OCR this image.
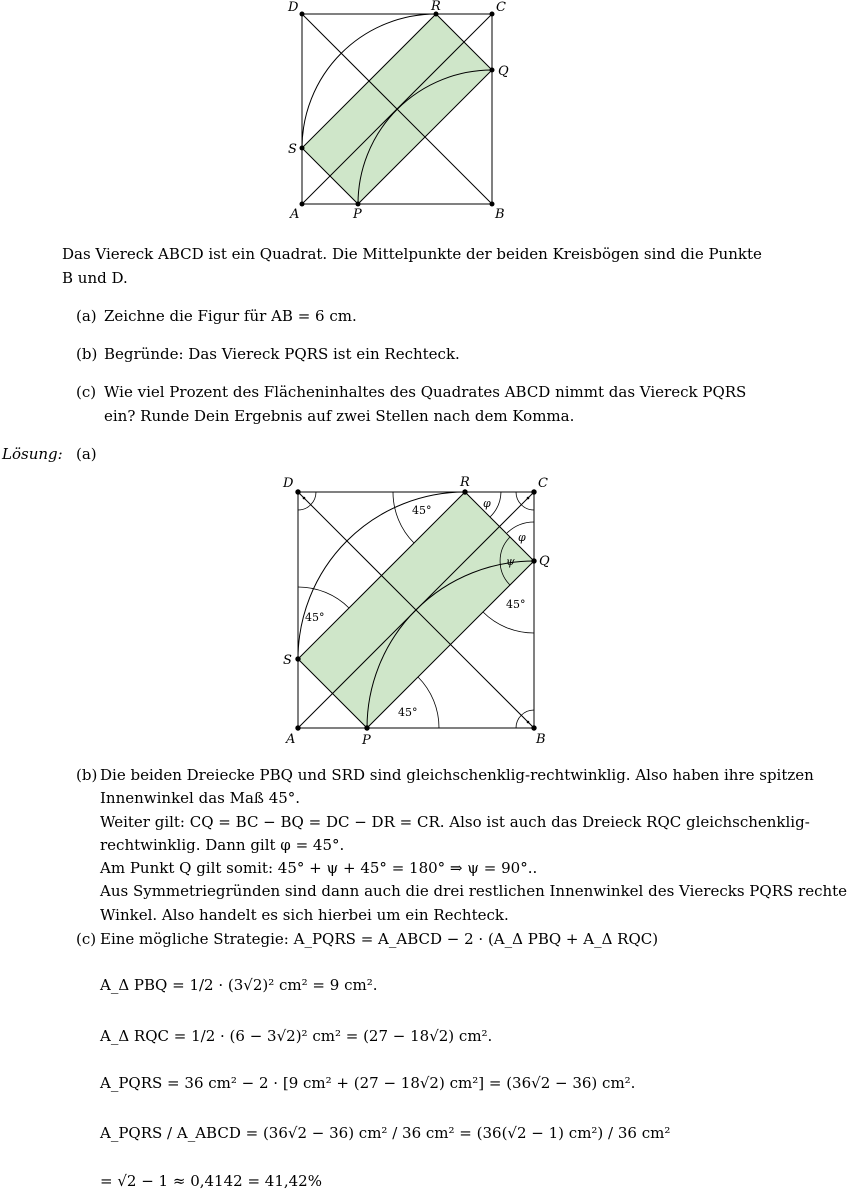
A	B
C
D
P
Q
R
S
Das Viereck ABCD ist ein Quadrat. Die Mittelpunkte der beiden Kreisbögen sind die Punkte
B und D.
(a) Zeichne die Figur für AB = 6 cm.
(b) Begründe: Das Viereck PQRS ist ein Rechteck.
(c) Wie viel Prozent des Flächeninhaltes des Quadrates ABCD nimmt das Viereck PQRS
ein? Runde Dein Ergebnis auf zwei Stellen nach dem Komma.
Lösung: (a)
A	B
C
D
P
Q
R
S
45°
45°
45°
45°
φ
φ
ψ
(b) Die beiden Dreiecke PBQ und SRD sind gleichschenklig-rechtwinklig. Also haben ihre spitzen
Innenwinkel das Maß 45°.
Weiter gilt: CQ = BC − BQ = DC − DR = CR. Also ist auch das Dreieck RQC gleichschenklig-
rechtwinklig. Dann gilt φ = 45°.
Am Punkt Q gilt somit: 45° + ψ + 45° = 180° ⇒ ψ = 90°..
Aus Symmetriegründen sind dann auch die drei restlichen Innenwinkel des Vierecks PQRS rechte
Winkel. Also handelt es sich hierbei um ein Rechteck.
(c) Eine mögliche Strategie: A_PQRS = A_ABCD − 2 · (A_Δ PBQ + A_Δ RQC)
A_Δ PBQ = 1/2 · (3√2)² cm² = 9 cm².
A_Δ RQC = 1/2 · (6 − 3√2)² cm² = (27 − 18√2) cm².
A_PQRS = 36 cm² − 2 · [9 cm² + (27 − 18√2) cm²] = (36√2 − 36) cm².
A_PQRS / A_ABCD = (36√2 − 36) cm² / 36 cm² = (36(√2 − 1) cm²) / 36 cm²
= √2 − 1 ≈ 0,4142 = 41,42%
